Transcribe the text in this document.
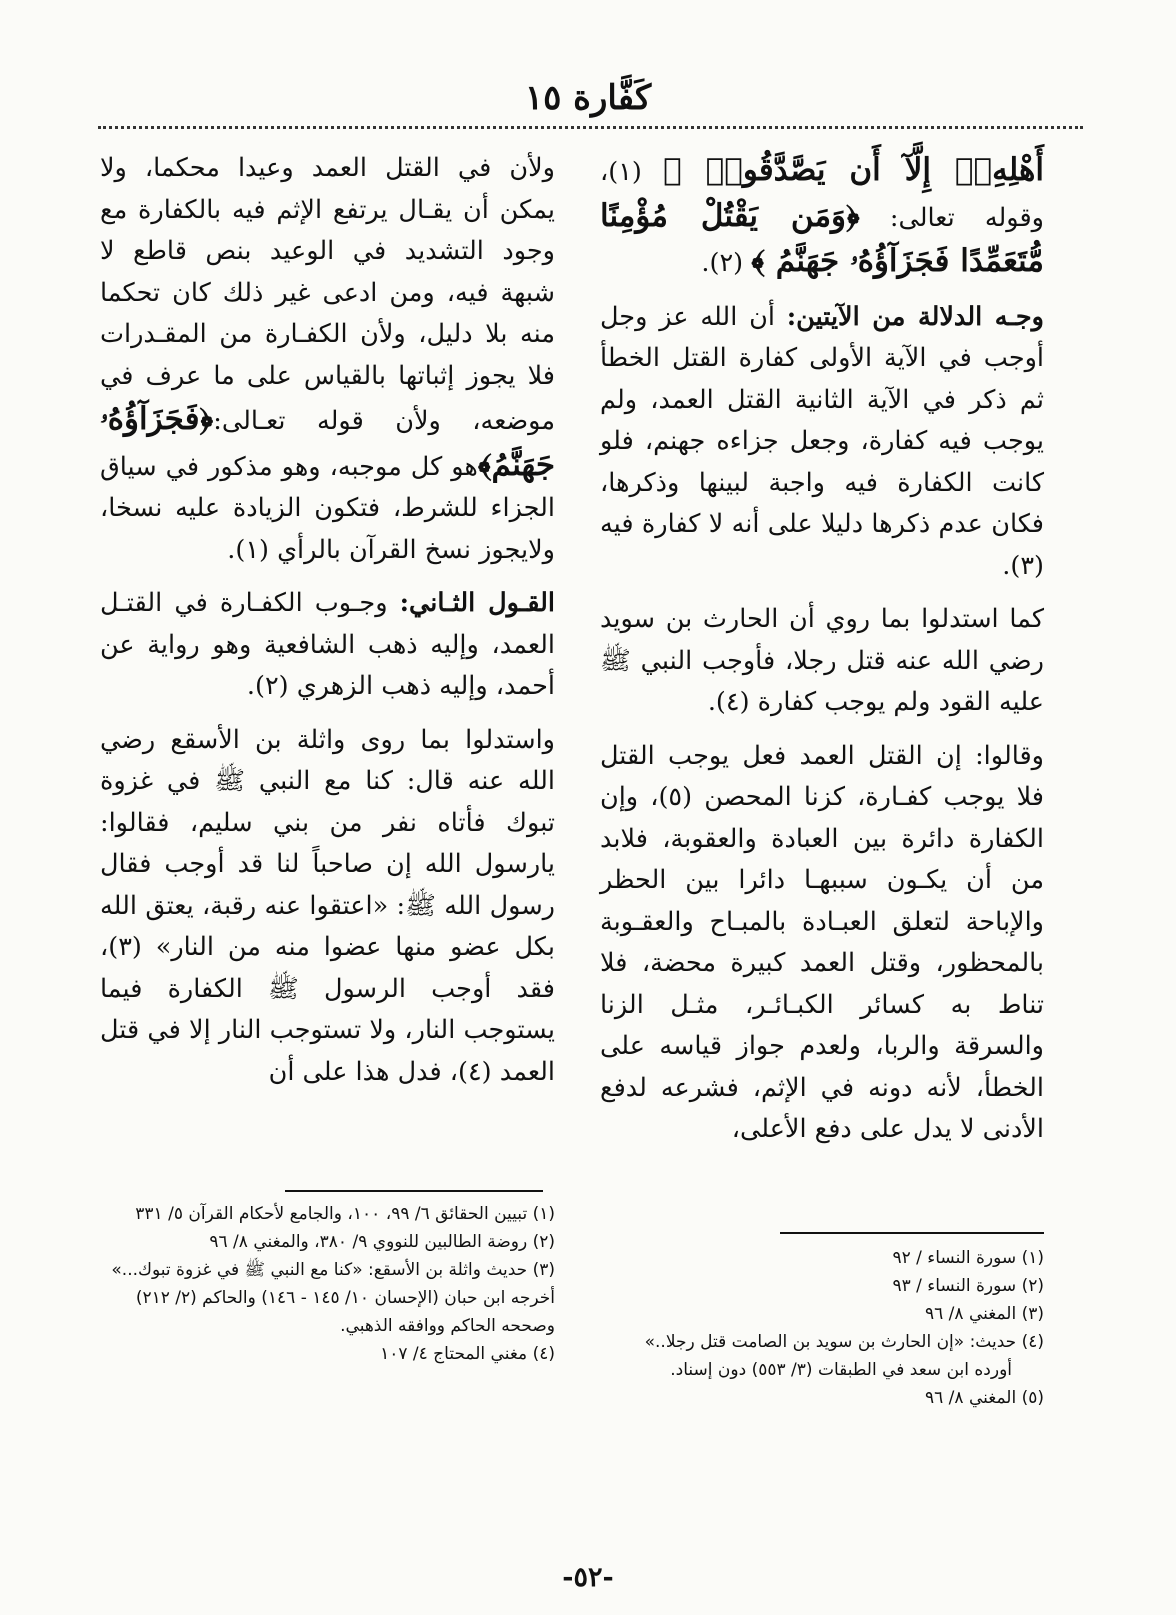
كَفَّارة ١٥

أَهْلِهِۦٓ إِلَّآ أَن يَصَّدَّقُوا۟ ﴾ (١)، وقوله تعالى: ﴿وَمَن يَقْتُلْ مُؤْمِنًا مُّتَعَمِّدًا فَجَزَآؤُهُۥ جَهَنَّمُ ﴾ (٢).

وجـه الدلالة من الآيتين: أن الله عز وجل أوجب في الآية الأولى كفارة القتل الخطأ ثم ذكر في الآية الثانية القتل العمد، ولم يوجب فيه كفارة، وجعل جزاءه جهنم، فلو كانت الكفارة فيه واجبة لبينها وذكرها، فكان عدم ذكرها دليلا على أنه لا كفارة فيه (٣).

كما استدلوا بما روي أن الحارث بن سويد رضي الله عنه قتل رجلا، فأوجب النبي ﷺ عليه القود ولم يوجب كفارة (٤).

وقالوا: إن القتل العمد فعل يوجب القتل فلا يوجب كفـارة، كزنا المحصن (٥)، وإن الكفارة دائرة بين العبادة والعقوبة، فلابد من أن يكـون سببهـا دائرا بين الحظر والإباحة لتعلق العبـادة بالمبـاح والعقـوبة بالمحظور، وقتل العمد كبيرة محضة، فلا تناط به كسائر الكبـائـر، مثـل الزنا والسرقة والربا، ولعدم جواز قياسه على الخطأ، لأنه دونه في الإثم، فشرعه لدفع الأدنى لا يدل على دفع الأعلى،

ولأن في القتل العمد وعيدا محكما، ولا يمكن أن يقـال يرتفع الإثم فيه بالكفارة مع وجود التشديد في الوعيد بنص قاطع لا شبهة فيه، ومن ادعى غير ذلك كان تحكما منه بلا دليل، ولأن الكفـارة من المقـدرات فلا يجوز إثباتها بالقياس على ما عرف في موضعه، ولأن قوله تعـالى:﴿فَجَزَآؤُهُۥ جَهَنَّمُ﴾هو كل موجبه، وهو مذكور في سياق الجزاء للشرط، فتكون الزيادة عليه نسخا، ولايجوز نسخ القرآن بالرأي (١).

القـول الثـاني: وجـوب الكفـارة في القتـل العمد، وإليه ذهب الشافعية وهو رواية عن أحمد، وإليه ذهب الزهري (٢).

واستدلوا بما روى واثلة بن الأسقع رضي الله عنه قال: كنا مع النبي ﷺ في غزوة تبوك فأتاه نفر من بني سليم، فقالوا: يارسول الله إن صاحباً لنا قد أوجب فقال رسول الله ﷺ: «اعتقوا عنه رقبة، يعتق الله بكل عضو منها عضوا منه من النار» (٣)، فقد أوجب الرسول ﷺ الكفارة فيما يستوجب النار، ولا تستوجب النار إلا في قتل العمد (٤)، فدل هذا على أن

(١) سورة النساء / ٩٢
(٢) سورة النساء / ٩٣
(٣) المغني ٨/ ٩٦
(٤) حديث: «إن الحارث بن سويد بن الصامت قتل رجلا..»
أورده ابن سعد في الطبقات (٣/ ٥٥٣) دون إسناد.
(٥) المغني ٨/ ٩٦
(١) تبيين الحقائق ٦/ ٩٩، ١٠٠، والجامع لأحكام القرآن ٥/ ٣٣١
(٢) روضة الطالبين للنووي ٩/ ٣٨٠، والمغني ٨/ ٩٦
(٣) حديث واثلة بن الأسقع: «كنا مع النبي ﷺ في غزوة تبوك...» أخرجه ابن حبان (الإحسان ١٠/ ١٤٥ - ١٤٦) والحاكم (٢/ ٢١٢) وصححه الحاكم ووافقه الذهبي.
(٤) مغني المحتاج ٤/ ١٠٧
-٥٢-
